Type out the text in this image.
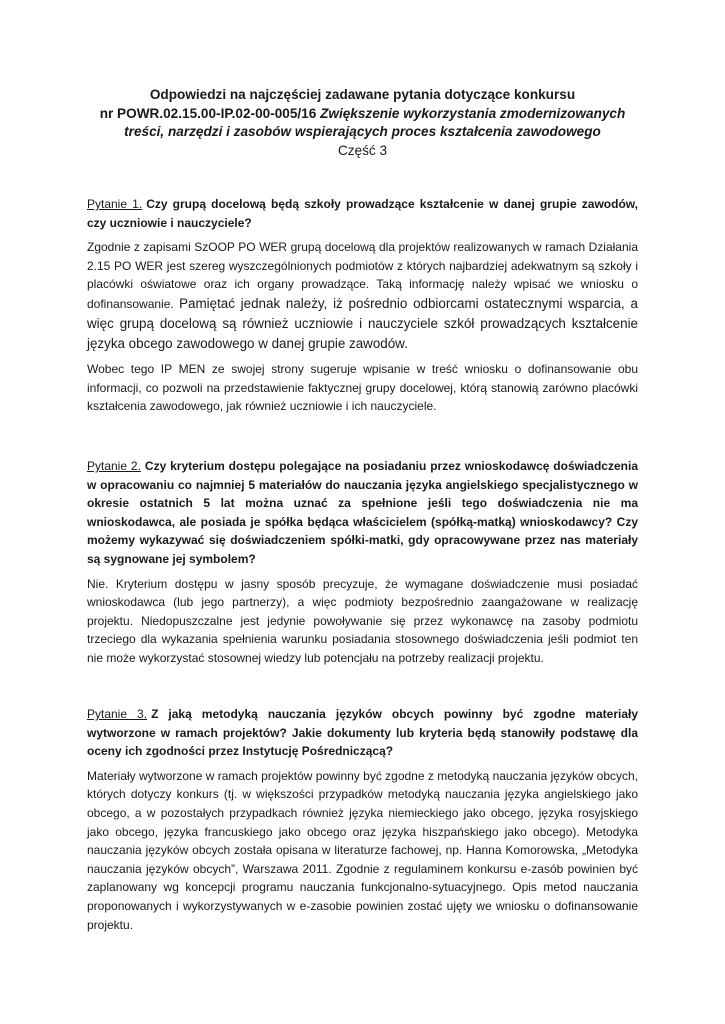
Odpowiedzi na najczęściej zadawane pytania dotyczące konkursu
nr POWR.02.15.00-IP.02-00-005/16 Zwiększenie wykorzystania zmodernizowanych
treści, narzędzi i zasobów wspierających proces kształcenia zawodowego
Część 3

Pytanie 1. Czy grupą docelową będą szkoły prowadzące kształcenie w danej grupie zawodów, czy uczniowie i nauczyciele?

Zgodnie z zapisami SzOOP PO WER grupą docelową dla projektów realizowanych w ramach Działania 2.15 PO WER jest szereg wyszczególnionych podmiotów z których najbardziej adekwatnym są szkoły i placówki oświatowe oraz ich organy prowadzące. Taką informację należy wpisać we wniosku o dofinansowanie. Pamiętać jednak należy, iż pośrednio odbiorcami ostatecznymi wsparcia, a więc grupą docelową są również uczniowie i nauczyciele szkół prowadzących kształcenie języka obcego zawodowego w danej grupie zawodów.

Wobec tego IP MEN ze swojej strony sugeruje wpisanie w treść wniosku o dofinansowanie obu informacji, co pozwoli na przedstawienie faktycznej grupy docelowej, którą stanowią zarówno placówki kształcenia zawodowego, jak również uczniowie i ich nauczyciele.

Pytanie 2. Czy kryterium dostępu polegające na posiadaniu przez wnioskodawcę doświadczenia w opracowaniu co najmniej 5 materiałów do nauczania języka angielskiego specjalistycznego w okresie ostatnich 5 lat można uznać za spełnione jeśli tego doświadczenia nie ma wnioskodawca, ale posiada je spółka będąca właścicielem (spółką-matką) wnioskodawcy? Czy możemy wykazywać się doświadczeniem spółki-matki, gdy opracowywane przez nas materiały są sygnowane jej symbolem?

Nie. Kryterium dostępu w jasny sposób precyzuje, że wymagane doświadczenie musi posiadać wnioskodawca (lub jego partnerzy), a więc podmioty bezpośrednio zaangażowane w realizację projektu. Niedopuszczalne jest jedynie powoływanie się przez wykonawcę na zasoby podmiotu trzeciego dla wykazania spełnienia warunku posiadania stosownego doświadczenia jeśli podmiot ten nie może wykorzystać stosownej wiedzy lub potencjału na potrzeby realizacji projektu.

Pytanie 3. Z jaką metodyką nauczania języków obcych powinny być zgodne materiały wytworzone w ramach projektów? Jakie dokumenty lub kryteria będą stanowiły podstawę dla oceny ich zgodności przez Instytucję Pośredniczącą?

Materiały wytworzone w ramach projektów powinny być zgodne z metodyką nauczania języków obcych, których dotyczy konkurs (tj. w większości przypadków metodyką nauczania języka angielskiego jako obcego, a w pozostałych przypadkach również języka niemieckiego jako obcego, języka rosyjskiego jako obcego, języka francuskiego jako obcego oraz języka hiszpańskiego jako obcego). Metodyka nauczania języków obcych została opisana w literaturze fachowej, np. Hanna Komorowska, „Metodyka nauczania języków obcych”, Warszawa 2011. Zgodnie z regulaminem konkursu e-zasób powinien być zaplanowany wg koncepcji programu nauczania funkcjonalno-sytuacyjnego. Opis metod nauczania proponowanych i wykorzystywanych w e-zasobie powinien zostać ujęty we wniosku o dofinansowanie projektu.
